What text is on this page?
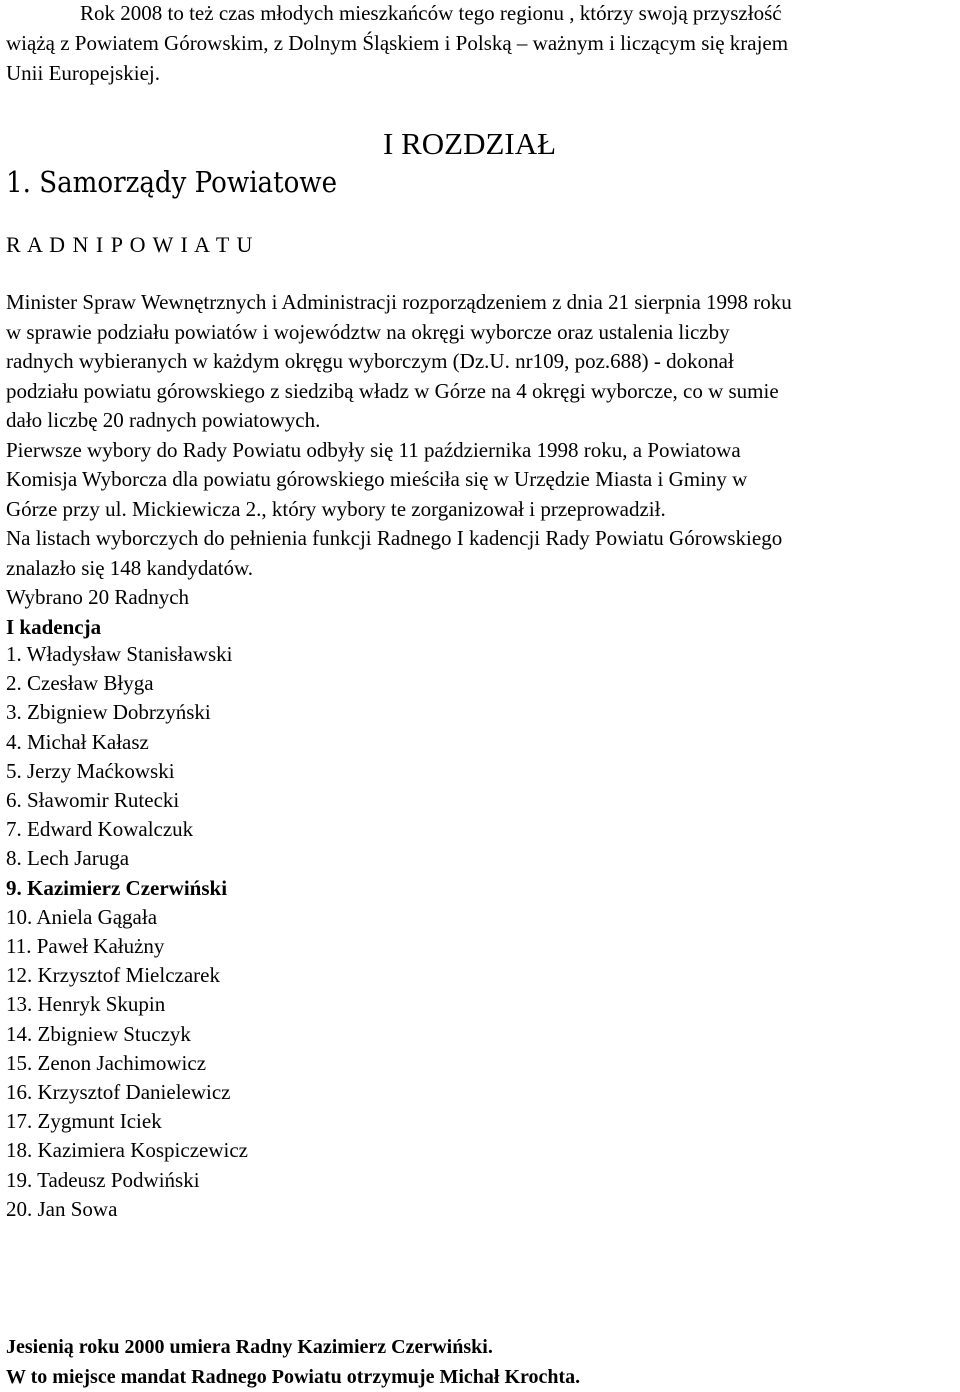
Rok 2008 to też czas młodych mieszkańców tego regionu , którzy swoją przyszłość

wiążą z Powiatem Górowskim, z Dolnym Śląskiem i Polską – ważnym i liczącym się krajem

Unii Europejskiej.

I ROZDZIAŁ
1. Samorządy Powiatowe
R A D N I P O W I A T U

Minister Spraw Wewnętrznych i Administracji rozporządzeniem z dnia 21 sierpnia 1998 roku

w sprawie podziału powiatów i województw na okręgi wyborcze oraz ustalenia liczby

radnych wybieranych w każdym okręgu wyborczym (Dz.U. nr109, poz.688) - dokonał

podziału powiatu górowskiego z siedzibą władz w Górze na 4 okręgi wyborcze, co w sumie

dało liczbę 20 radnych powiatowych.

Pierwsze wybory do Rady Powiatu odbyły się 11 października 1998 roku, a Powiatowa

Komisja Wyborcza dla powiatu górowskiego mieściła się w Urzędzie Miasta i Gminy w

Górze przy ul. Mickiewicza 2., który wybory te zorganizował i przeprowadził.

Na listach wyborczych do pełnienia funkcji Radnego I kadencji Rady Powiatu Górowskiego

znalazło się 148 kandydatów.

Wybrano 20 Radnych

I kadencja

1. Władysław Stanisławski
2. Czesław Błyga
3. Zbigniew Dobrzyński
4. Michał Kałasz
5. Jerzy Maćkowski
6. Sławomir Rutecki
7. Edward Kowalczuk
8. Lech Jaruga
9. Kazimierz Czerwiński
10. Aniela Gągała
11. Paweł Kałużny
12. Krzysztof Mielczarek
13. Henryk Skupin
14. Zbigniew Stuczyk
15. Zenon Jachimowicz
16. Krzysztof Danielewicz
17. Zygmunt Iciek
18. Kazimiera Kospiczewicz
19. Tadeusz Podwiński
20. Jan Sowa

Jesienią roku 2000 umiera Radny Kazimierz Czerwiński.

W to miejsce mandat Radnego Powiatu otrzymuje Michał Krochta.
